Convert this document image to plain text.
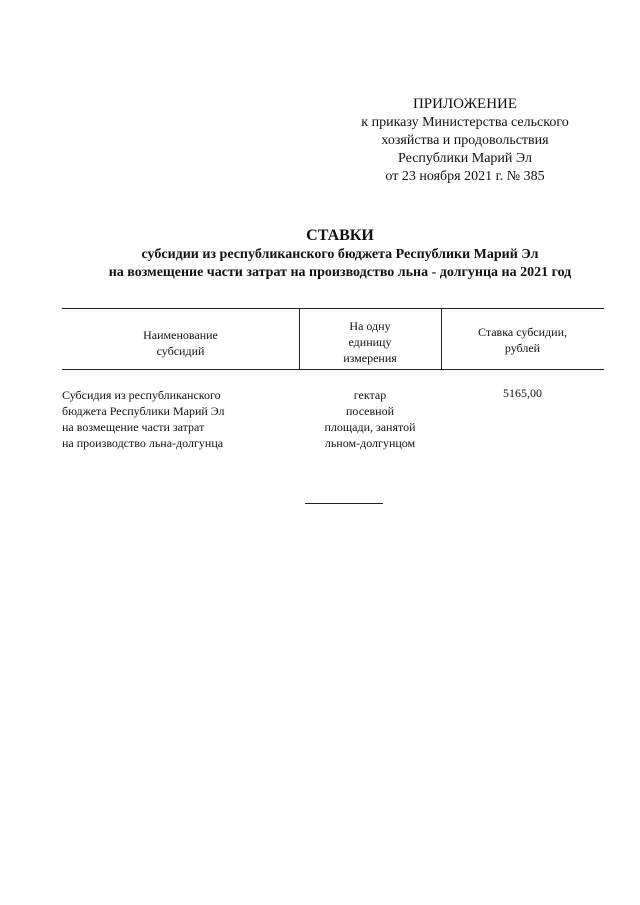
ПРИЛОЖЕНИЕ
к приказу Министерства сельского
хозяйства и продовольствия
Республики Марий Эл
от 23 ноября 2021 г. № 385
СТАВКИ
субсидии из республиканского бюджета Республики Марий Эл
на возмещение части затрат на производство льна - долгунца на 2021 год
Наименование
субсидий
На одну
единицу
измерения
Ставка субсидии,
рублей
Субсидия из республиканского
бюджета Республики Марий Эл
на возмещение части затрат
на производство льна-долгунца
гектар
посевной
площади, занятой
льном-долгунцом
5165,00
